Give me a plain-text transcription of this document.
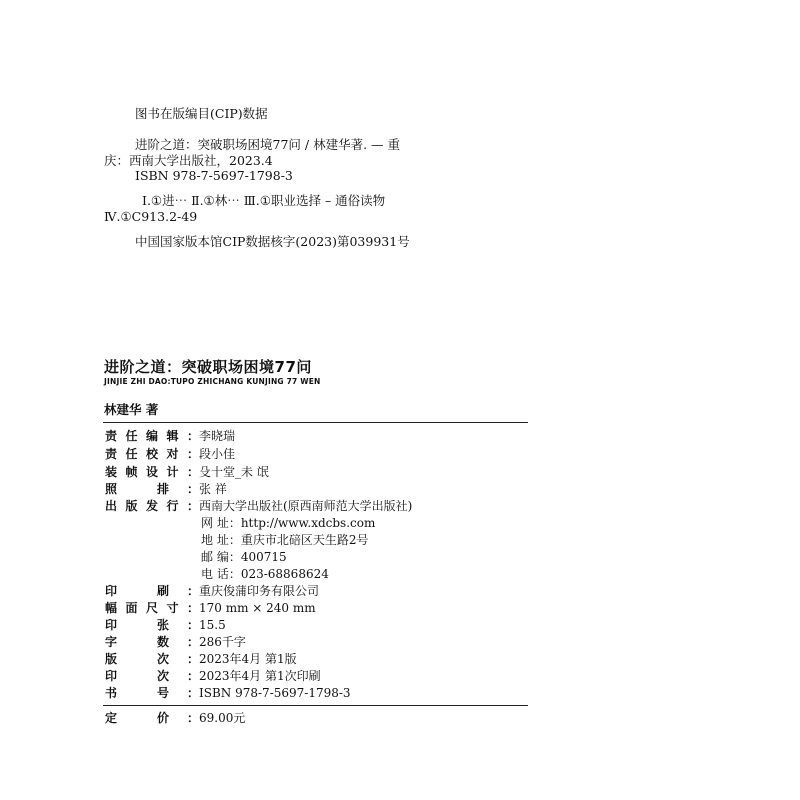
图书在版编目(CIP)数据
进阶之道：突破职场困境77问 / 林建华著. — 重
庆：西南大学出版社，2023.4
ISBN 978-7-5697-1798-3
Ⅰ.①进⋯ Ⅱ.①林⋯ Ⅲ.①职业选择 – 通俗读物
Ⅳ.①C913.2-49
中国国家版本馆CIP数据核字(2023)第039931号
进阶之道：突破职场困境77问
JINJIE ZHI DAO:TUPO ZHICHANG KUNJING 77 WEN
林建华 著
责任编辑：李晓瑞
责任校对：段小佳
装帧设计：殳十堂_未 氓
照 排：张 祥
出版发行：西南大学出版社(原西南师范大学出版社)
网 址：http://www.xdcbs.com
地 址：重庆市北碚区天生路2号
邮 编：400715
电 话：023-68868624
印 刷：重庆俊蒲印务有限公司
幅面尺寸：170 mm × 240 mm
印 张：15.5
字 数：286千字
版 次：2023年4月 第1版
印 次：2023年4月 第1次印刷
书 号：ISBN 978-7-5697-1798-3
定 价：69.00元
